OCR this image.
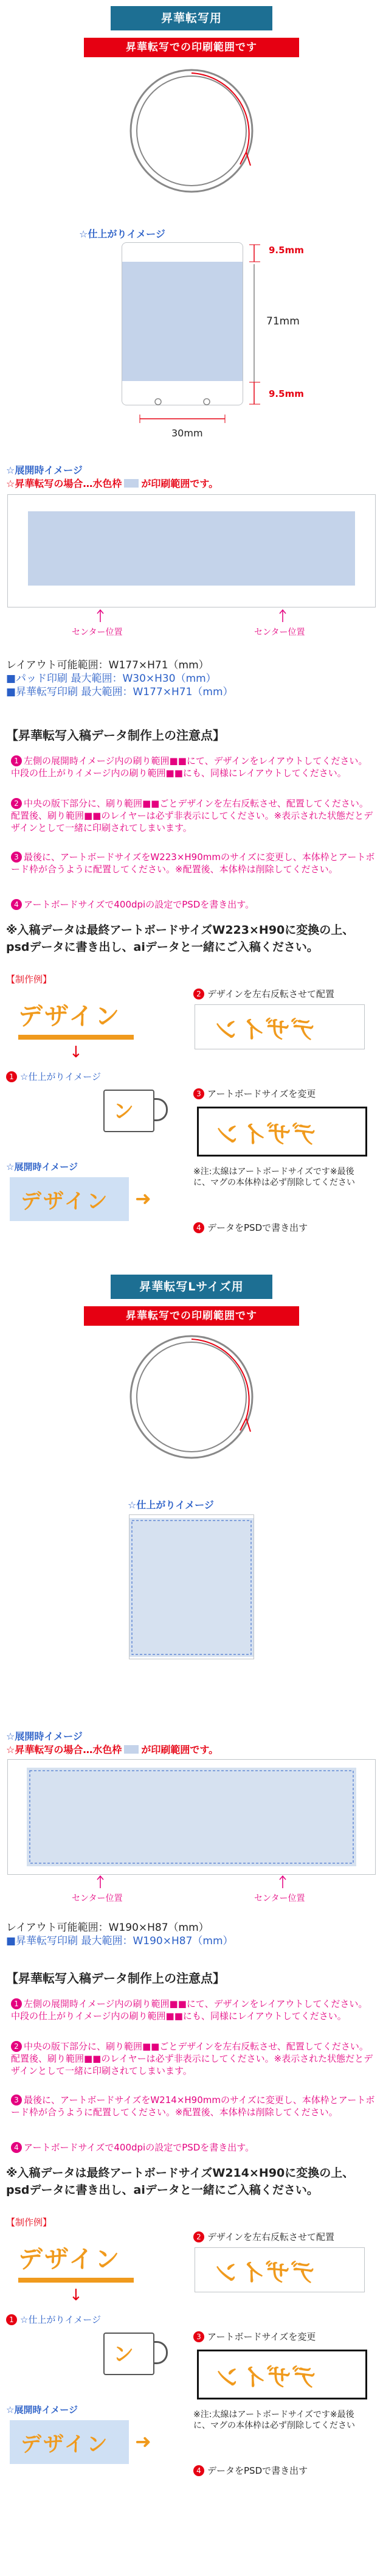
昇華転写用
昇華転写での印刷範囲です
☆仕上がりイメージ
9.5mm
71mm
9.5mm
30mm
☆展開時イメージ
☆昇華転写の場合…水色枠 が印刷範囲です。
センター位置	センター位置
レイアウト可能範囲：W177×H71（mm）
■パッド印刷 最大範囲：W30×H30（mm）
■昇華転写印刷 最大範囲：W177×H71（mm）
【昇華転写入稿データ制作上の注意点】
1 左側の展開時イメージ内の刷り範囲■■にて、デザインをレイアウトしてください。中段の仕上がりイメージ内の刷り範囲■■にも、同様にレイアウトしてください。
2 中央の版下部分に、刷り範囲■■ごとデザインを左右反転させ、配置してください。配置後、刷り範囲■■のレイヤーは必ず非表示にしてください。※表示された状態だとデザインとして一緒に印刷されてしまいます。
3 最後に、アートボードサイズをW223×H90mmのサイズに変更し、本体枠とアートボード枠が合うように配置してください。※配置後、本体枠は削除してください。
4 アートボードサイズで400dpiの設定でPSDを書き出す。
※入稿データは最終アートボードサイズW223×H90に変換の上、psdデータに書き出し、aiデータと一緒にご入稿ください。
【制作例】
デザイン
↓
1 ☆仕上がりイメージ
2 デザインを左右反転させて配置
デザイン
ン
3 アートボードサイズを変更
デザイン
☆展開時イメージ
デザイン ➜
※注:太線はアートボードサイズです※最後に、マグの本体枠は必ず削除してください
4 データをPSDで書き出す
昇華転写Lサイズ用
昇華転写での印刷範囲です
☆仕上がりイメージ
☆展開時イメージ
☆昇華転写の場合…水色枠 が印刷範囲です。
センター位置	センター位置
レイアウト可能範囲：W190×H87（mm）
■昇華転写印刷 最大範囲：W190×H87（mm）
【昇華転写入稿データ制作上の注意点】
1 左側の展開時イメージ内の刷り範囲■■にて、デザインをレイアウトしてください。中段の仕上がりイメージ内の刷り範囲■■にも、同様にレイアウトしてください。
2 中央の版下部分に、刷り範囲■■ごとデザインを左右反転させ、配置してください。配置後、刷り範囲■■のレイヤーは必ず非表示にしてください。※表示された状態だとデザインとして一緒に印刷されてしまいます。
3 最後に、アートボードサイズをW214×H90mmのサイズに変更し、本体枠とアートボード枠が合うように配置してください。※配置後、本体枠は削除してください。
4 アートボードサイズで400dpiの設定でPSDを書き出す。
※入稿データは最終アートボードサイズW214×H90に変換の上、psdデータに書き出し、aiデータと一緒にご入稿ください。
【制作例】
デザイン
↓
1 ☆仕上がりイメージ
2 デザインを左右反転させて配置
デザイン
ン
3 アートボードサイズを変更
デザイン
☆展開時イメージ
デザイン ➜
※注:太線はアートボードサイズです※最後に、マグの本体枠は必ず削除してください
4 データをPSDで書き出す
